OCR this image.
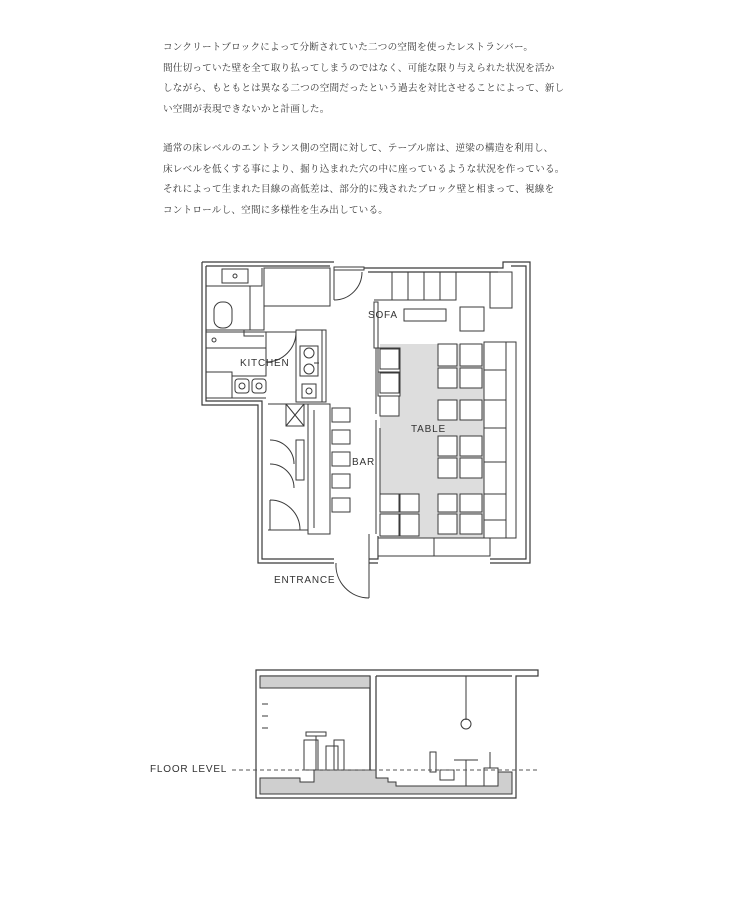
コンクリートブロックによって分断されていた二つの空間を使ったレストランバー。
間仕切っていた壁を全て取り払ってしまうのではなく、可能な限り与えられた状況を活か
しながら、もともとは異なる二つの空間だったという過去を対比させることによって、新し
い空間が表現できないかと計画した。
通常の床レベルのエントランス側の空間に対して、テーブル席は、逆梁の構造を利用し、
床レベルを低くする事により、掘り込まれた穴の中に座っているような状況を作っている。
それによって生まれた目線の高低差は、部分的に残されたブロック壁と相まって、視線を
コントロールし、空間に多様性を生み出している。
SOFA
KITCHEN
TABLE
BAR
ENTRANCE
FLOOR LEVEL
